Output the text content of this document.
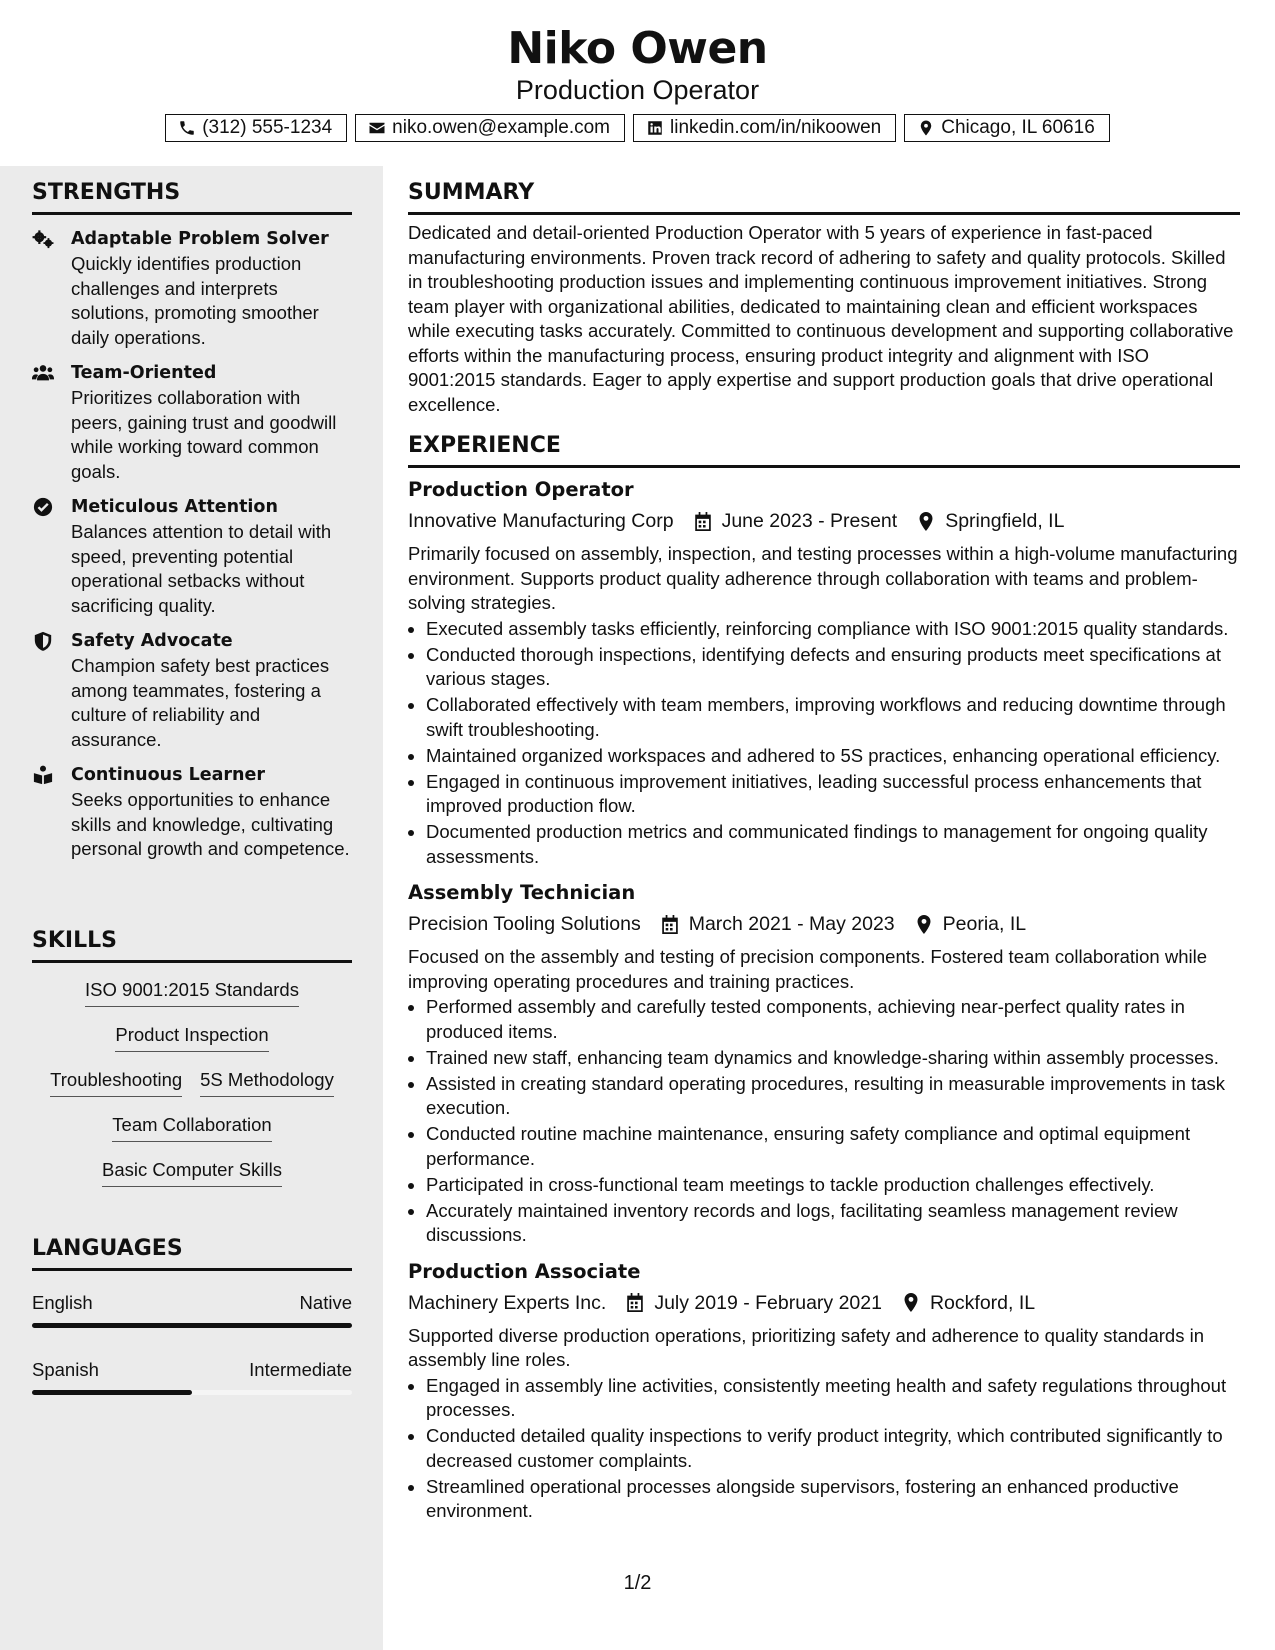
Niko Owen
Production Operator
(312) 555-1234	niko.owen@example.com	linkedin.com/in/nikoowen	Chicago, IL 60616
STRENGTHS
Adaptable Problem Solver
Quickly identifies production challenges and interprets solutions, promoting smoother daily operations.
Team-Oriented
Prioritizes collaboration with peers, gaining trust and goodwill while working toward common goals.
Meticulous Attention
Balances attention to detail with speed, preventing potential operational setbacks without sacrificing quality.
Safety Advocate
Champion safety best practices among teammates, fostering a culture of reliability and assurance.
Continuous Learner
Seeks opportunities to enhance skills and knowledge, cultivating personal growth and competence.
SKILLS
ISO 9001:2015 Standards
Product Inspection
Troubleshooting 5S Methodology
Team Collaboration
Basic Computer Skills
LANGUAGES
English	Native
Spanish	Intermediate
SUMMARY
Dedicated and detail-oriented Production Operator with 5 years of experience in fast-paced manufacturing environments. Proven track record of adhering to safety and quality protocols. Skilled in troubleshooting production issues and implementing continuous improvement initiatives. Strong team player with organizational abilities, dedicated to maintaining clean and efficient workspaces while executing tasks accurately. Committed to continuous development and supporting collaborative efforts within the manufacturing process, ensuring product integrity and alignment with ISO 9001:2015 standards. Eager to apply expertise and support production goals that drive operational excellence.
EXPERIENCE
Production Operator
Innovative Manufacturing Corp June 2023 - Present Springfield, IL
Primarily focused on assembly, inspection, and testing processes within a high-volume manufacturing environment. Supports product quality adherence through collaboration with teams and problem-solving strategies.
• Executed assembly tasks efficiently, reinforcing compliance with ISO 9001:2015 quality standards.
• Conducted thorough inspections, identifying defects and ensuring products meet specifications at various stages.
• Collaborated effectively with team members, improving workflows and reducing downtime through swift troubleshooting.
• Maintained organized workspaces and adhered to 5S practices, enhancing operational efficiency.
• Engaged in continuous improvement initiatives, leading successful process enhancements that improved production flow.
• Documented production metrics and communicated findings to management for ongoing quality assessments.
Assembly Technician
Precision Tooling Solutions March 2021 - May 2023 Peoria, IL
Focused on the assembly and testing of precision components. Fostered team collaboration while improving operating procedures and training practices.
• Performed assembly and carefully tested components, achieving near-perfect quality rates in produced items.
• Trained new staff, enhancing team dynamics and knowledge-sharing within assembly processes.
• Assisted in creating standard operating procedures, resulting in measurable improvements in task execution.
• Conducted routine machine maintenance, ensuring safety compliance and optimal equipment performance.
• Participated in cross-functional team meetings to tackle production challenges effectively.
• Accurately maintained inventory records and logs, facilitating seamless management review discussions.
Production Associate
Machinery Experts Inc. July 2019 - February 2021 Rockford, IL
Supported diverse production operations, prioritizing safety and adherence to quality standards in assembly line roles.
• Engaged in assembly line activities, consistently meeting health and safety regulations throughout processes.
• Conducted detailed quality inspections to verify product integrity, which contributed significantly to decreased customer complaints.
• Streamlined operational processes alongside supervisors, fostering an enhanced productive environment.
1/2
